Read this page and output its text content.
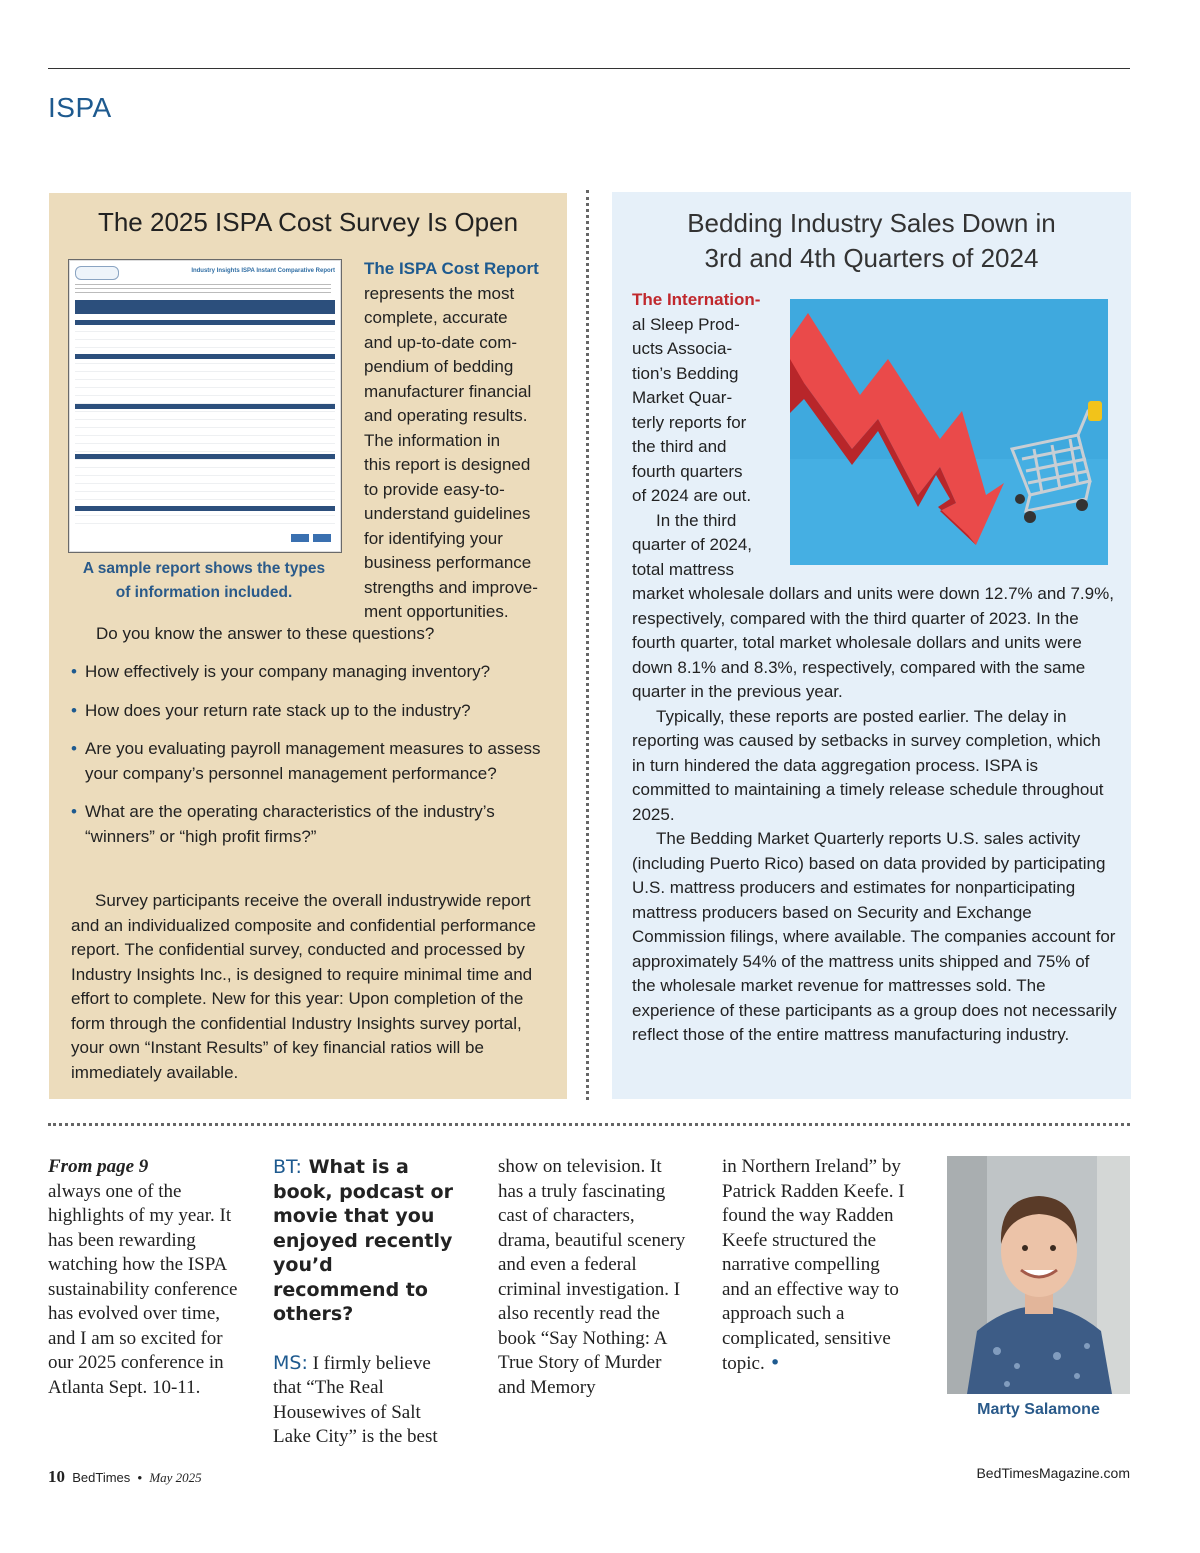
ISPA
The 2025 ISPA Cost Survey Is Open
Industry Insights ISPA Instant Comparative Report
A sample report shows the types
of information included.
The ISPA Cost Report
represents the most
complete, accurate
and up-to-date com-
pendium of bedding
manufacturer financial
and operating results.
The information in
this report is designed
to provide easy-to-
understand guidelines
for identifying your
business performance
strengths and improve-
ment opportunities.
Do you know the answer to these questions?
• How effectively is your company managing inventory?
• How does your return rate stack up to the industry?
• Are you evaluating payroll management measures to assess your company’s personnel management performance?
• What are the operating characteristics of the industry’s “winners” or “high profit firms?”
Survey participants receive the overall industrywide report and an individualized composite and confidential performance report. The confidential survey, conducted and processed by Industry Insights Inc., is designed to require minimal time and effort to complete. New for this year: Upon completion of the form through the confidential Industry Insights survey portal, your own “Instant Results” of key financial ratios will be immediately available.
Bedding Industry Sales Down in
3rd and 4th Quarters of 2024
The Internation-
al Sleep Prod-
ucts Associa-
tion’s Bedding
Market Quar-
terly reports for
the third and
fourth quarters
of 2024 are out.
In the third
quarter of 2024,
total mattress

market wholesale dollars and units were down 12.7% and 7.9%, respectively, compared with the third quarter of 2023. In the fourth quarter, total market wholesale dollars and units were down 8.1% and 8.3%, respectively, compared with the same quarter in the previous year.

Typically, these reports are posted earlier. The delay in reporting was caused by setbacks in survey completion, which in turn hindered the data aggregation process. ISPA is committed to maintaining a timely release schedule throughout 2025.

The Bedding Market Quarterly reports U.S. sales activity (including Puerto Rico) based on data provided by participating U.S. mattress producers and estimates for nonparticipating mattress producers based on Security and Exchange Commission filings, where available. The companies account for approximately 54% of the mattress units shipped and 75% of the wholesale market revenue for mattresses sold. The experience of these participants as a group does not necessarily reflect those of the entire mattress manufacturing industry.

From page 9
always one of the highlights of my year. It has been rewarding watching how the ISPA sustainability conference has evolved over time, and I am so excited for our 2025 conference in Atlanta Sept. 10-11.
BT: What is a book, podcast or movie that you enjoyed recently you’d recommend to others?
MS: I firmly believe that “The Real Housewives of Salt Lake City” is the best
show on television. It has a truly fascinating cast of characters, drama, beautiful scenery and even a federal criminal investigation. I also recently read the book “Say Nothing: A True Story of Murder and Memory
in Northern Ireland” by Patrick Radden Keefe. I found the way Radden Keefe structured the narrative compelling and an effective way to approach such a complicated, sensitive topic. •
Marty Salamone
10 BedTimes • May 2025	BedTimesMagazine.com
